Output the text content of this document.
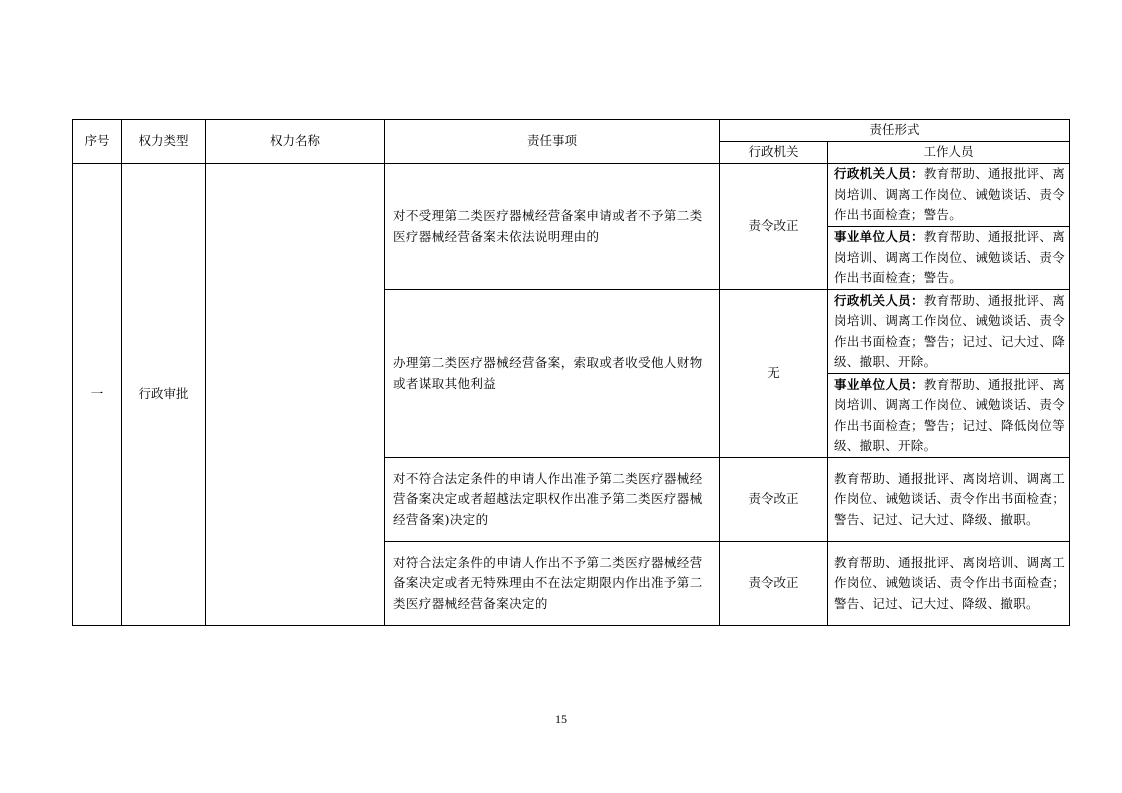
序号	权力类型	权力名称	责任事项	责任形式	
				行政机关	工作人员
一	行政审批		对不受理第二类医疗器械经营备案申请或者不予第二类医疗器械经营备案未依法说明理由的	责令改正	行政机关人员：教育帮助、通报批评、离岗培训、调离工作岗位、诫勉谈话、责令作出书面检查；警告。
					事业单位人员：教育帮助、通报批评、离岗培训、调离工作岗位、诫勉谈话、责令作出书面检查；警告。
			办理第二类医疗器械经营备案，索取或者收受他人财物或者谋取其他利益	无	行政机关人员：教育帮助、通报批评、离岗培训、调离工作岗位、诫勉谈话、责令作出书面检查；警告；记过、记大过、降级、撤职、开除。
					事业单位人员：教育帮助、通报批评、离岗培训、调离工作岗位、诫勉谈话、责令作出书面检查；警告；记过、降低岗位等级、撤职、开除。
			对不符合法定条件的申请人作出准予第二类医疗器械经营备案决定或者超越法定职权作出准予第二类医疗器械经营备案)决定的	责令改正	教育帮助、通报批评、离岗培训、调离工作岗位、诫勉谈话、责令作出书面检查；警告、记过、记大过、降级、撤职。
			对符合法定条件的申请人作出不予第二类医疗器械经营备案决定或者无特殊理由不在法定期限内作出准予第二类医疗器械经营备案决定的	责令改正	教育帮助、通报批评、离岗培训、调离工作岗位、诫勉谈话、责令作出书面检查；警告、记过、记大过、降级、撤职。
15
